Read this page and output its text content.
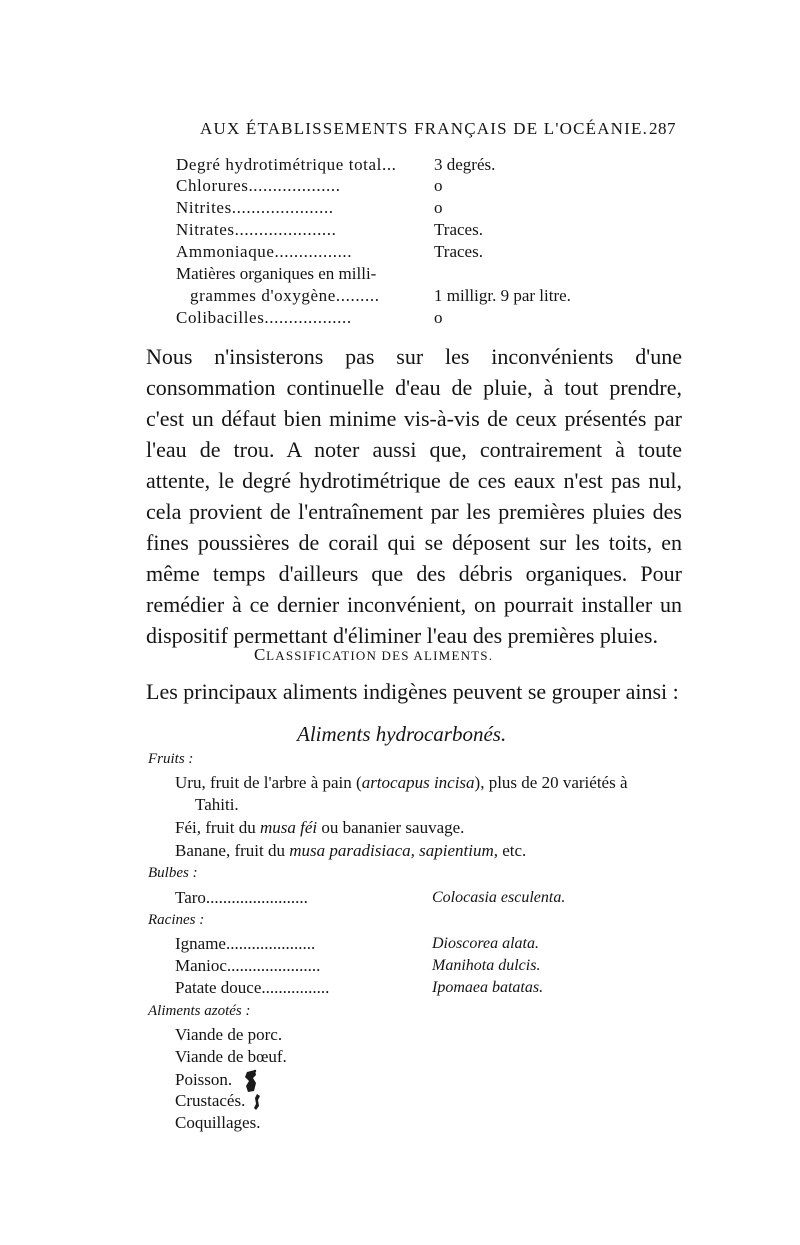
AUX ÉTABLISSEMENTS FRANÇAIS DE L'OCÉANIE. 287
Degré hydrotimétrique total... 3 degrés.
Chlorures...................	o
Nitrites.....................	o
Nitrates.....................	Traces.
Ammoniaque................	Traces.
Matières organiques en milli-
grammes d'oxygène.........	1 milligr. 9 par litre.
Colibacilles..................	o
Nous n'insisterons pas sur les inconvénients d'une consommation continuelle d'eau de pluie, à tout prendre, c'est un défaut bien minime vis-à-vis de ceux présentés par l'eau de trou. A noter aussi que, contrairement à toute attente, le degré hydrotimétrique de ces eaux n'est pas nul, cela provient de l'entraînement par les premières pluies des fines poussières de corail qui se déposent sur les toits, en même temps d'ailleurs que des débris organiques. Pour remédier à ce dernier inconvénient, on pourrait installer un dispositif permettant d'éliminer l'eau des premières pluies.
CLASSIFICATION DES ALIMENTS.
Les principaux aliments indigènes peuvent se grouper ainsi :
Aliments hydrocarbonés.
Fruits :
Uru, fruit de l'arbre à pain (artocapus incisa), plus de 20 variétés à
Tahiti.
Féi, fruit du musa féi ou bananier sauvage.
Banane, fruit du musa paradisiaca, sapientium, etc.
Bulbes :
Taro........................	Colocasia esculenta.
Racines :
Igname.....................	Dioscorea alata.
Manioc......................	Manihota dulcis.
Patate douce................	Ipomaea batatas.
Aliments azotés :
Viande de porc.
Viande de bœuf.
Poisson.
Crustacés.
Coquillages.
